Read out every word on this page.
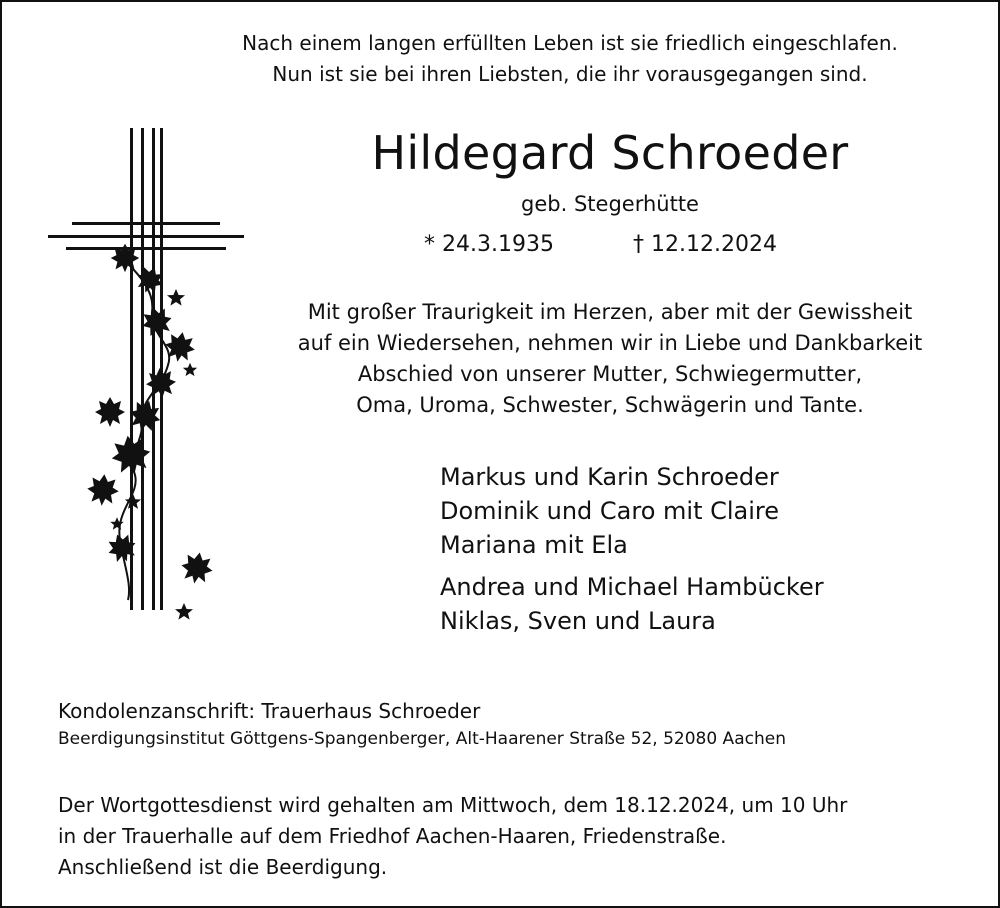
Nach einem langen erfüllten Leben ist sie friedlich eingeschlafen.
Nun ist sie bei ihren Liebsten, die ihr vorausgegangen sind.
Hildegard Schroeder
geb. Stegerhütte
* 24.3.1935	† 12.12.2024
Mit großer Traurigkeit im Herzen, aber mit der Gewissheit
auf ein Wiedersehen, nehmen wir in Liebe und Dankbarkeit
Abschied von unserer Mutter, Schwiegermutter,
Oma, Uroma, Schwester, Schwägerin und Tante.
Markus und Karin Schroeder
Dominik und Caro mit Claire
Mariana mit Ela
Andrea und Michael Hambücker
Niklas, Sven und Laura
Kondolenzanschrift: Trauerhaus Schroeder
Beerdigungsinstitut Göttgens-Spangenberger, Alt-Haarener Straße 52, 52080 Aachen
Der Wortgottesdienst wird gehalten am Mittwoch, dem 18.12.2024, um 10 Uhr
in der Trauerhalle auf dem Friedhof Aachen-Haaren, Friedenstraße.
Anschließend ist die Beerdigung.
